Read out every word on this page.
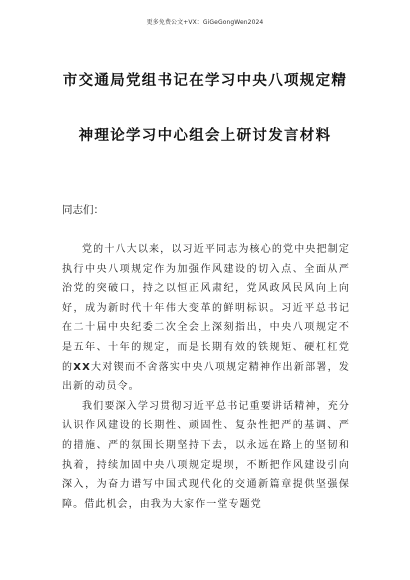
更多免费公文+VX：GiGeGongWen2024
市交通局党组书记在学习中央八项规定精
神理论学习中心组会上研讨发言材料
同志们：

党的十八大以来，以习近平同志为核心的党中央把制定执行中央八项规定作为加强作风建设的切入点、全面从严治党的突破口，持之以恒正风肃纪，党风政风民风向上向好，成为新时代十年伟大变革的鲜明标识。习近平总书记在二十届中央纪委二次全会上深刻指出，中央八项规定不是五年、十年的规定，而是长期有效的铁规矩、硬杠杠党的XX大对锲而不舍落实中央八项规定精神作出新部署，发出新的动员令。

我们要深入学习贯彻习近平总书记重要讲话精神，充分认识作风建设的长期性、顽固性、复杂性把严的基调、严的措施、严的氛围长期坚持下去，以永远在路上的坚韧和执着，持续加固中央八项规定堤坝，不断把作风建设引向深入，为奋力谱写中国式现代化的交通新篇章提供坚强保障。借此机会，由我为大家作一堂专题党
